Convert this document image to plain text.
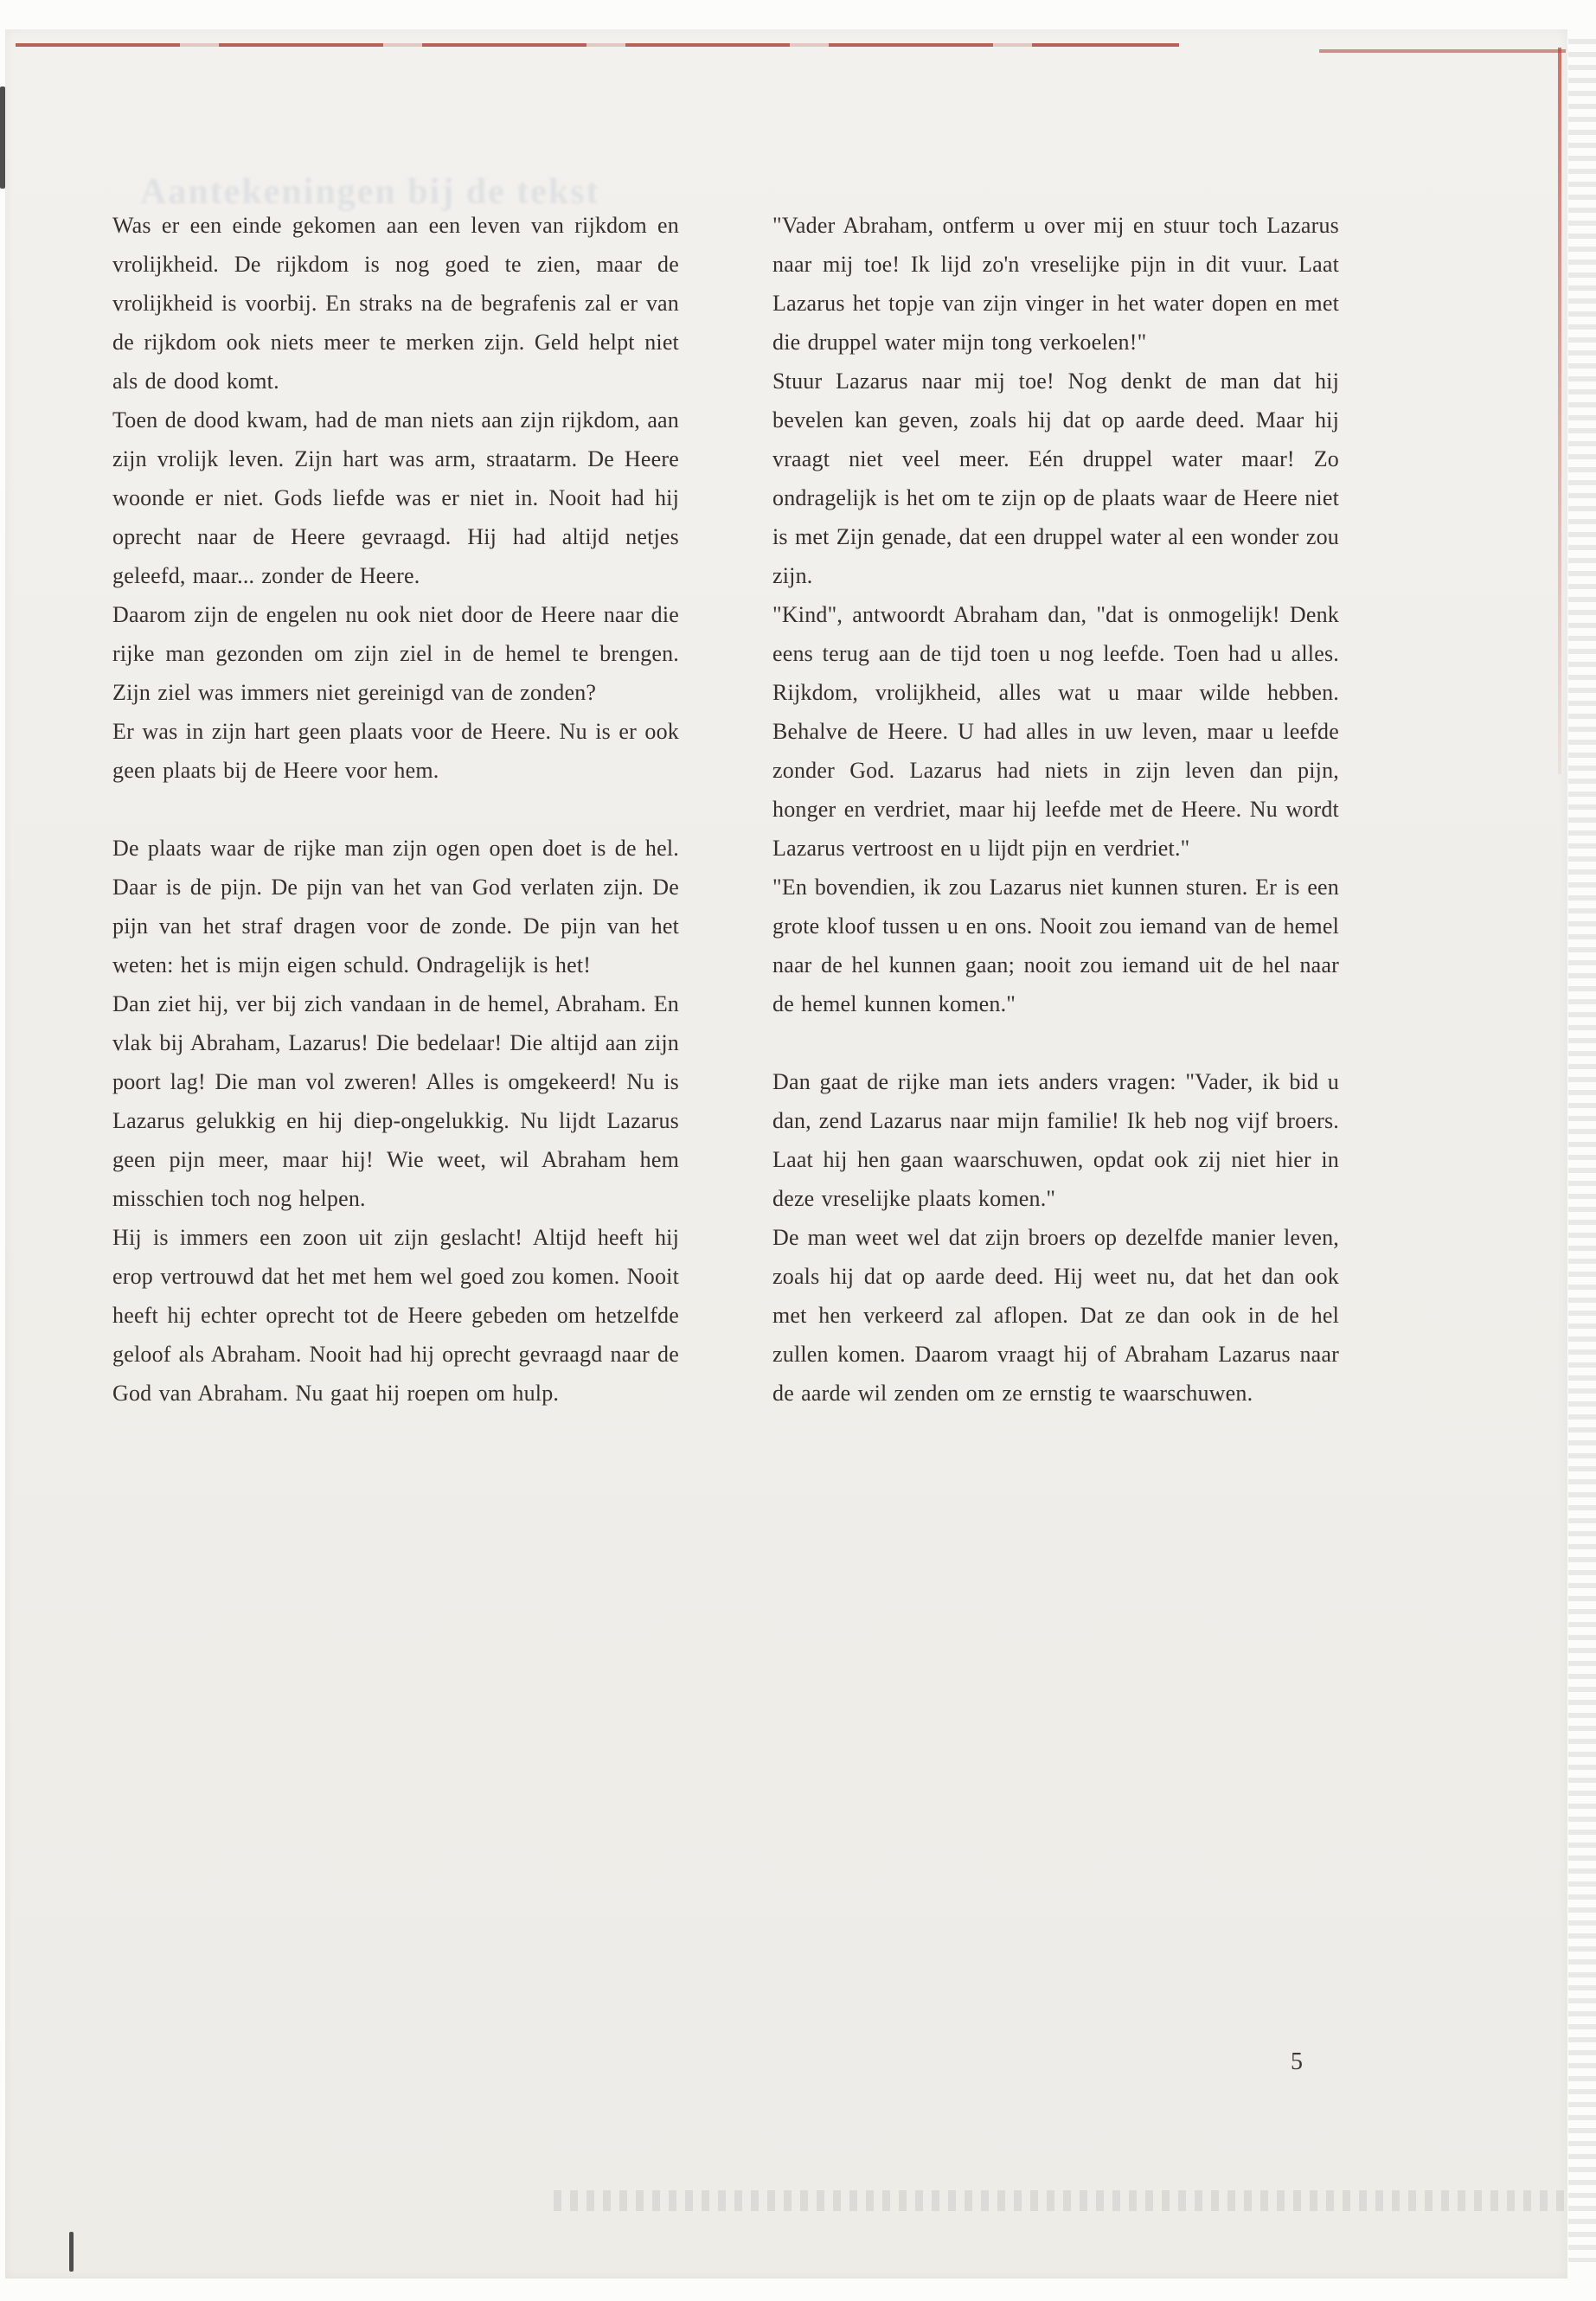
Aantekeningen bij de tekst

Was er een einde gekomen aan een leven van rijkdom en vrolijkheid. De rijkdom is nog goed te zien, maar de vrolijkheid is voorbij. En straks na de begrafenis zal er van de rijkdom ook niets meer te merken zijn. Geld helpt niet als de dood komt.

Toen de dood kwam, had de man niets aan zijn rijkdom, aan zijn vrolijk leven. Zijn hart was arm, straatarm. De Heere woonde er niet. Gods liefde was er niet in. Nooit had hij oprecht naar de Heere gevraagd. Hij had altijd netjes geleefd, maar... zonder de Heere.

Daarom zijn de engelen nu ook niet door de Heere naar die rijke man gezonden om zijn ziel in de hemel te brengen. Zijn ziel was immers niet gereinigd van de zonden?

Er was in zijn hart geen plaats voor de Heere. Nu is er ook geen plaats bij de Heere voor hem.

De plaats waar de rijke man zijn ogen open doet is de hel. Daar is de pijn. De pijn van het van God verlaten zijn. De pijn van het straf dragen voor de zonde. De pijn van het weten: het is mijn eigen schuld. Ondragelijk is het!

Dan ziet hij, ver bij zich vandaan in de hemel, Abraham. En vlak bij Abraham, Lazarus! Die bedelaar! Die altijd aan zijn poort lag! Die man vol zweren! Alles is omgekeerd! Nu is Lazarus gelukkig en hij diep-ongelukkig. Nu lijdt Lazarus geen pijn meer, maar hij! Wie weet, wil Abraham hem misschien toch nog helpen.

Hij is immers een zoon uit zijn geslacht! Altijd heeft hij erop vertrouwd dat het met hem wel goed zou komen. Nooit heeft hij echter oprecht tot de Heere gebeden om hetzelfde geloof als Abraham. Nooit had hij oprecht gevraagd naar de God van Abraham. Nu gaat hij roepen om hulp.

"Vader Abraham, ontferm u over mij en stuur toch Lazarus naar mij toe! Ik lijd zo'n vreselijke pijn in dit vuur. Laat Lazarus het topje van zijn vinger in het water dopen en met die druppel water mijn tong verkoelen!"

Stuur Lazarus naar mij toe! Nog denkt de man dat hij bevelen kan geven, zoals hij dat op aarde deed. Maar hij vraagt niet veel meer. Eén druppel water maar! Zo ondragelijk is het om te zijn op de plaats waar de Heere niet is met Zijn genade, dat een druppel water al een wonder zou zijn.

"Kind", antwoordt Abraham dan, "dat is onmogelijk! Denk eens terug aan de tijd toen u nog leefde. Toen had u alles. Rijkdom, vrolijkheid, alles wat u maar wilde hebben. Behalve de Heere. U had alles in uw leven, maar u leefde zonder God. Lazarus had niets in zijn leven dan pijn, honger en verdriet, maar hij leefde met de Heere. Nu wordt Lazarus vertroost en u lijdt pijn en verdriet."

"En bovendien, ik zou Lazarus niet kunnen sturen. Er is een grote kloof tussen u en ons. Nooit zou iemand van de hemel naar de hel kunnen gaan; nooit zou iemand uit de hel naar de hemel kunnen komen."

Dan gaat de rijke man iets anders vragen: "Vader, ik bid u dan, zend Lazarus naar mijn familie! Ik heb nog vijf broers. Laat hij hen gaan waarschuwen, opdat ook zij niet hier in deze vreselijke plaats komen."

De man weet wel dat zijn broers op dezelfde manier leven, zoals hij dat op aarde deed. Hij weet nu, dat het dan ook met hen verkeerd zal aflopen. Dat ze dan ook in de hel zullen komen. Daarom vraagt hij of Abraham Lazarus naar de aarde wil zenden om ze ernstig te waarschuwen.

5
